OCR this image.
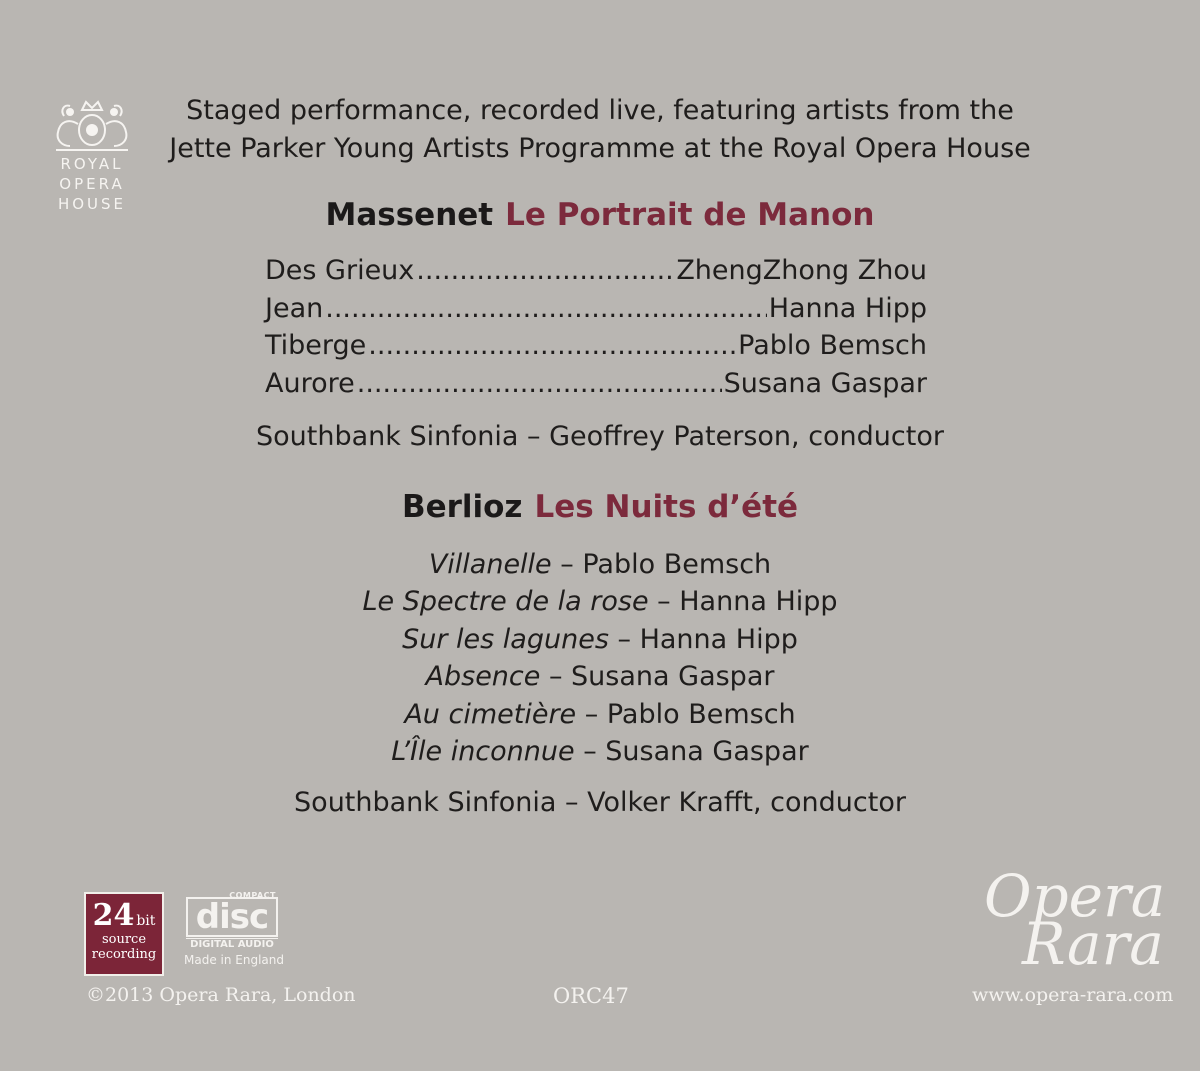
ROYAL
OPERA
HOUSE
Staged performance, recorded live, featuring artists from the
Jette Parker Young Artists Programme at the Royal Opera House
Massenet Le Portrait de Manon
Des Grieux .....	ZhengZhong Zhou
Jean .....	Hanna Hipp
Tiberge .....	Pablo Bemsch
Aurore .....	Susana Gaspar
Southbank Sinfonia – Geoffrey Paterson, conductor
Berlioz Les Nuits d’été
Villanelle – Pablo Bemsch
Le Spectre de la rose – Hanna Hipp
Sur les lagunes – Hanna Hipp
Absence – Susana Gaspar
Au cimetière – Pablo Bemsch
L’Île inconnue – Susana Gaspar
Southbank Sinfonia – Volker Krafft, conductor
24 bit
source
recording
COMPACT
disc
DIGITAL AUDIO
Made in England
Opera
Rara
©2013 Opera Rara, London	ORC47	www.opera-rara.com
